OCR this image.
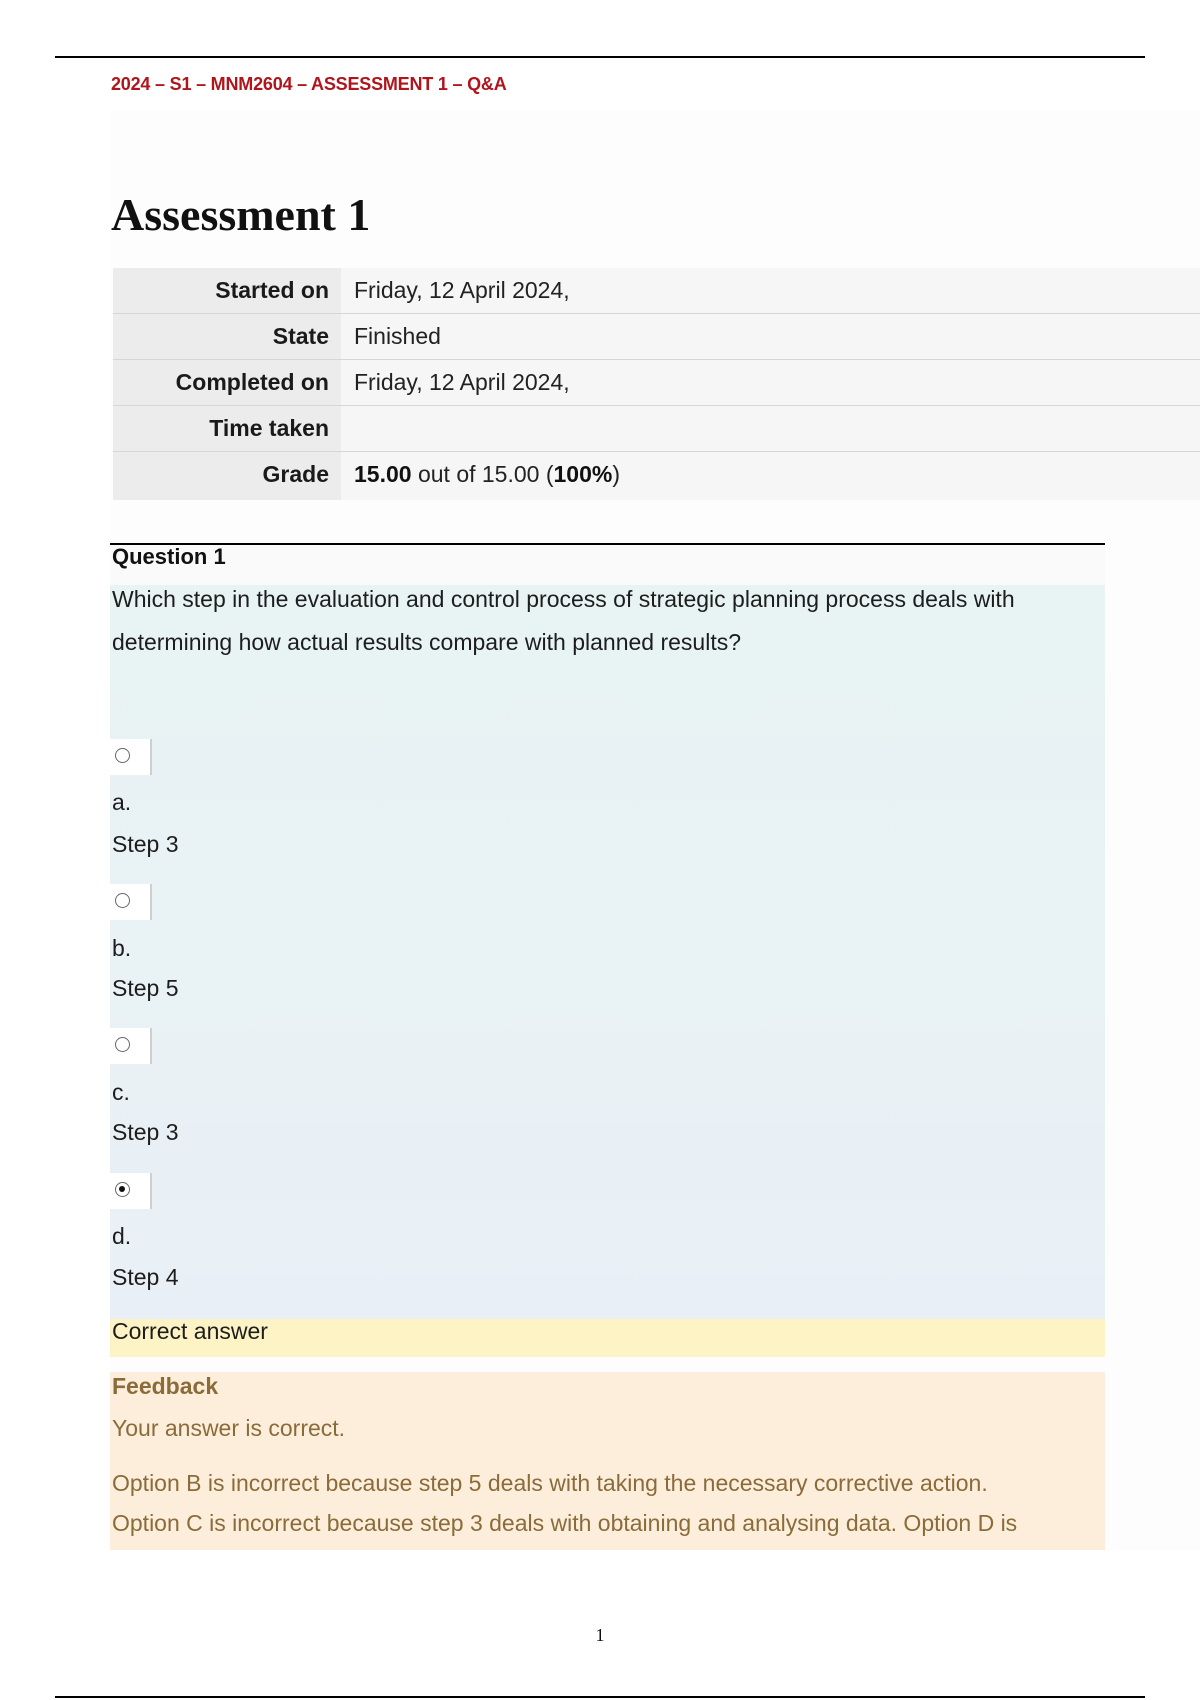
2024 – S1 – MNM2604 – ASSESSMENT 1 – Q&A
Assessment 1
Started on	Friday, 12 April 2024,
State	Finished
Completed on	Friday, 12 April 2024,
Time taken
Grade	15.00 out of 15.00 (100%)
Question 1
Which step in the evaluation and control process of strategic planning process deals with determining how actual results compare with planned results?
a.
Step 3
b.
Step 5
c.
Step 3
d.
Step 4
Correct answer
Feedback
Your answer is correct.
Option B is incorrect because step 5 deals with taking the necessary corrective action.
Option C is incorrect because step 3 deals with obtaining and analysing data. Option D is
1
